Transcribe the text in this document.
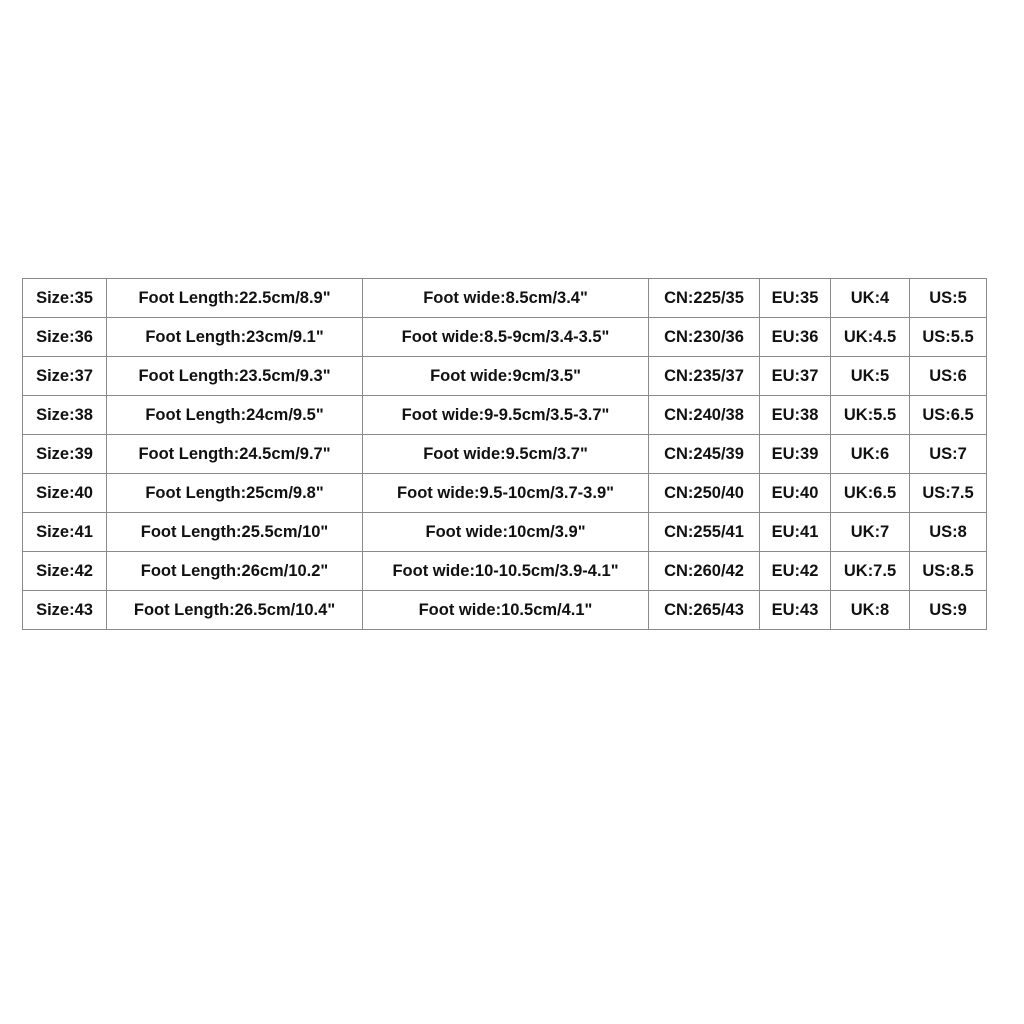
Size:35	Foot Length:22.5cm/8.9"	Foot wide:8.5cm/3.4"	CN:225/35	EU:35	UK:4	US:5
Size:36	Foot Length:23cm/9.1"	Foot wide:8.5-9cm/3.4-3.5"	CN:230/36	EU:36	UK:4.5	US:5.5
Size:37	Foot Length:23.5cm/9.3"	Foot wide:9cm/3.5"	CN:235/37	EU:37	UK:5	US:6
Size:38	Foot Length:24cm/9.5"	Foot wide:9-9.5cm/3.5-3.7"	CN:240/38	EU:38	UK:5.5	US:6.5
Size:39	Foot Length:24.5cm/9.7"	Foot wide:9.5cm/3.7"	CN:245/39	EU:39	UK:6	US:7
Size:40	Foot Length:25cm/9.8"	Foot wide:9.5-10cm/3.7-3.9"	CN:250/40	EU:40	UK:6.5	US:7.5
Size:41	Foot Length:25.5cm/10"	Foot wide:10cm/3.9"	CN:255/41	EU:41	UK:7	US:8
Size:42	Foot Length:26cm/10.2"	Foot wide:10-10.5cm/3.9-4.1"	CN:260/42	EU:42	UK:7.5	US:8.5
Size:43	Foot Length:26.5cm/10.4"	Foot wide:10.5cm/4.1"	CN:265/43	EU:43	UK:8	US:9
